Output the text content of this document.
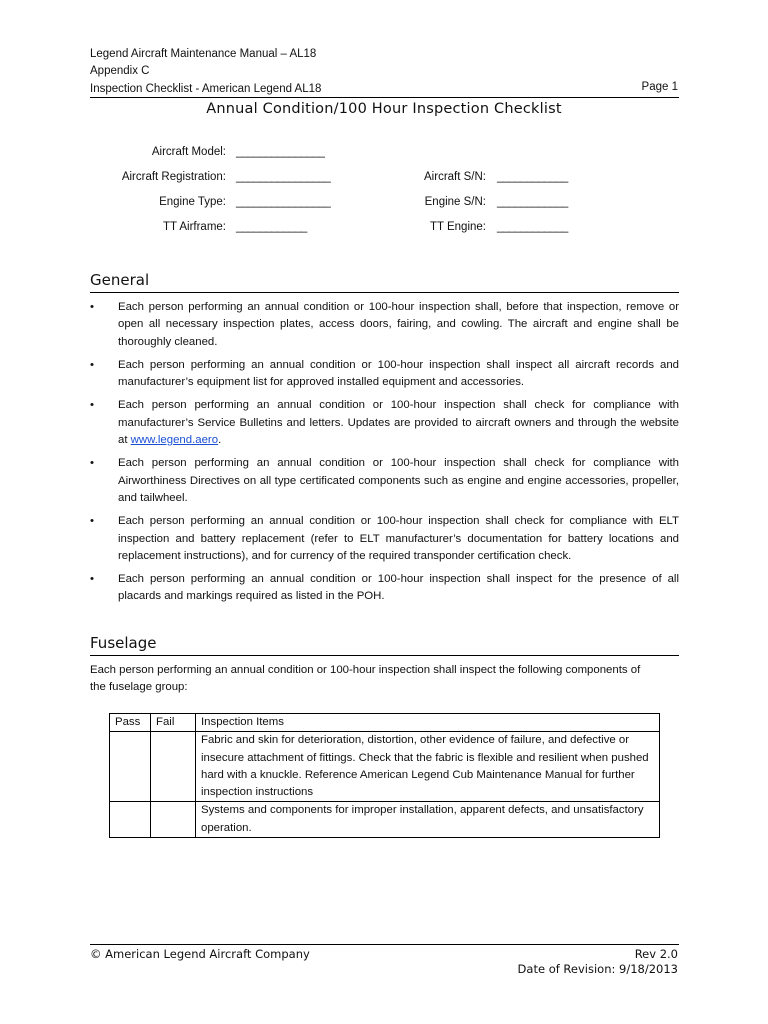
Legend Aircraft Maintenance Manual – AL18
Appendix C
Inspection Checklist - American Legend AL18	Page 1
Annual Condition/100 Hour Inspection Checklist
Aircraft Model: _______________
Aircraft Registration: ________________	Aircraft S/N: ____________
Engine Type: ________________	Engine S/N: ____________
TT Airframe: ____________	TT Engine: ____________
General
• Each person performing an annual condition or 100-hour inspection shall, before that inspection, remove or open all necessary inspection plates, access doors, fairing, and cowling. The aircraft and engine shall be thoroughly cleaned.
• Each person performing an annual condition or 100-hour inspection shall inspect all aircraft records and manufacturer’s equipment list for approved installed equipment and accessories.
• Each person performing an annual condition or 100-hour inspection shall check for compliance with manufacturer’s Service Bulletins and letters. Updates are provided to aircraft owners and through the website at www.legend.aero.
• Each person performing an annual condition or 100-hour inspection shall check for compliance with Airworthiness Directives on all type certificated components such as engine and engine accessories, propeller, and tailwheel.
• Each person performing an annual condition or 100-hour inspection shall check for compliance with ELT inspection and battery replacement (refer to ELT manufacturer’s documentation for battery locations and replacement instructions), and for currency of the required transponder certification check.
• Each person performing an annual condition or 100-hour inspection shall inspect for the presence of all placards and markings required as listed in the POH.
Fuselage
Each person performing an annual condition or 100-hour inspection shall inspect the following components of the fuselage group:
Pass	Fail	Inspection Items
		Fabric and skin for deterioration, distortion, other evidence of failure, and defective or insecure attachment of fittings. Check that the fabric is flexible and resilient when pushed hard with a knuckle. Reference American Legend Cub Maintenance Manual for further inspection instructions
		Systems and components for improper installation, apparent defects, and unsatisfactory operation.
© American Legend Aircraft Company	Rev 2.0
Date of Revision: 9/18/2013
